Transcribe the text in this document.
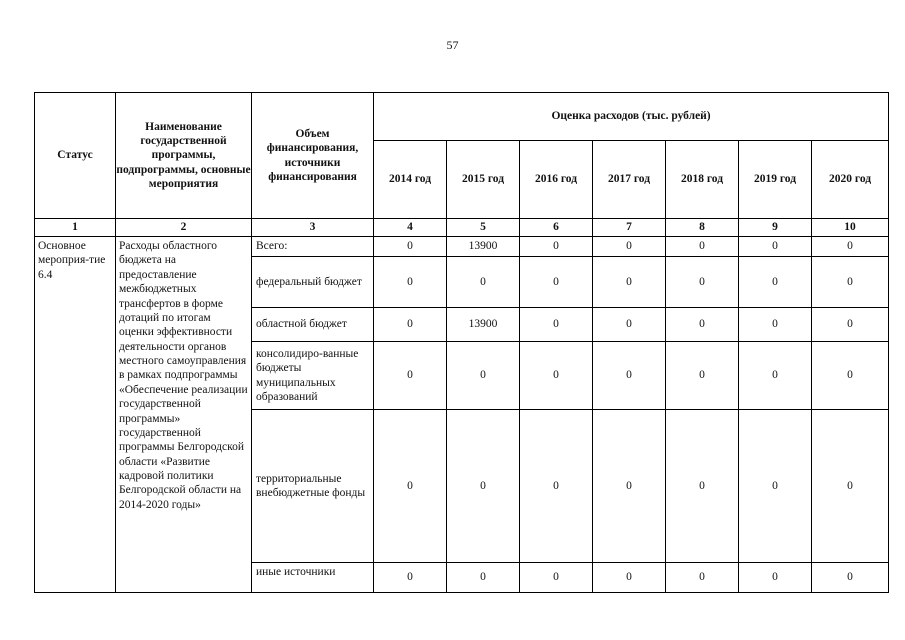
57
Статус	Наименование государственной программы, подпрограммы, основные мероприятия	Объем финансирования, источники финансирования	Оценка расходов (тыс. рублей)						
			2014 год	2015 год	2016 год	2017 год	2018 год	2019 год	2020 год
1	2	3	4	5	6	7	8	9	10
Основное мероприя-тие 6.4	Расходы областного бюджета на предоставление межбюджетных трансфертов в форме дотаций по итогам оценки эффективности деятельности органов местного самоуправления в рамках подпрограммы «Обеспечение реализации государственной программы» государственной программы Белгородской области «Развитие кадровой политики Белгородской области на 2014-2020 годы»	Всего:	0	13900	0	0	0	0	0
		федеральный бюджет	0	0	0	0	0	0	0
		областной бюджет	0	13900	0	0	0	0	0
		консолидиро-ванные бюджеты муниципальных образований	0	0	0	0	0	0	0
		территориальные внебюджетные фонды	0	0	0	0	0	0	0
		иные источники	0	0	0	0	0	0	0
